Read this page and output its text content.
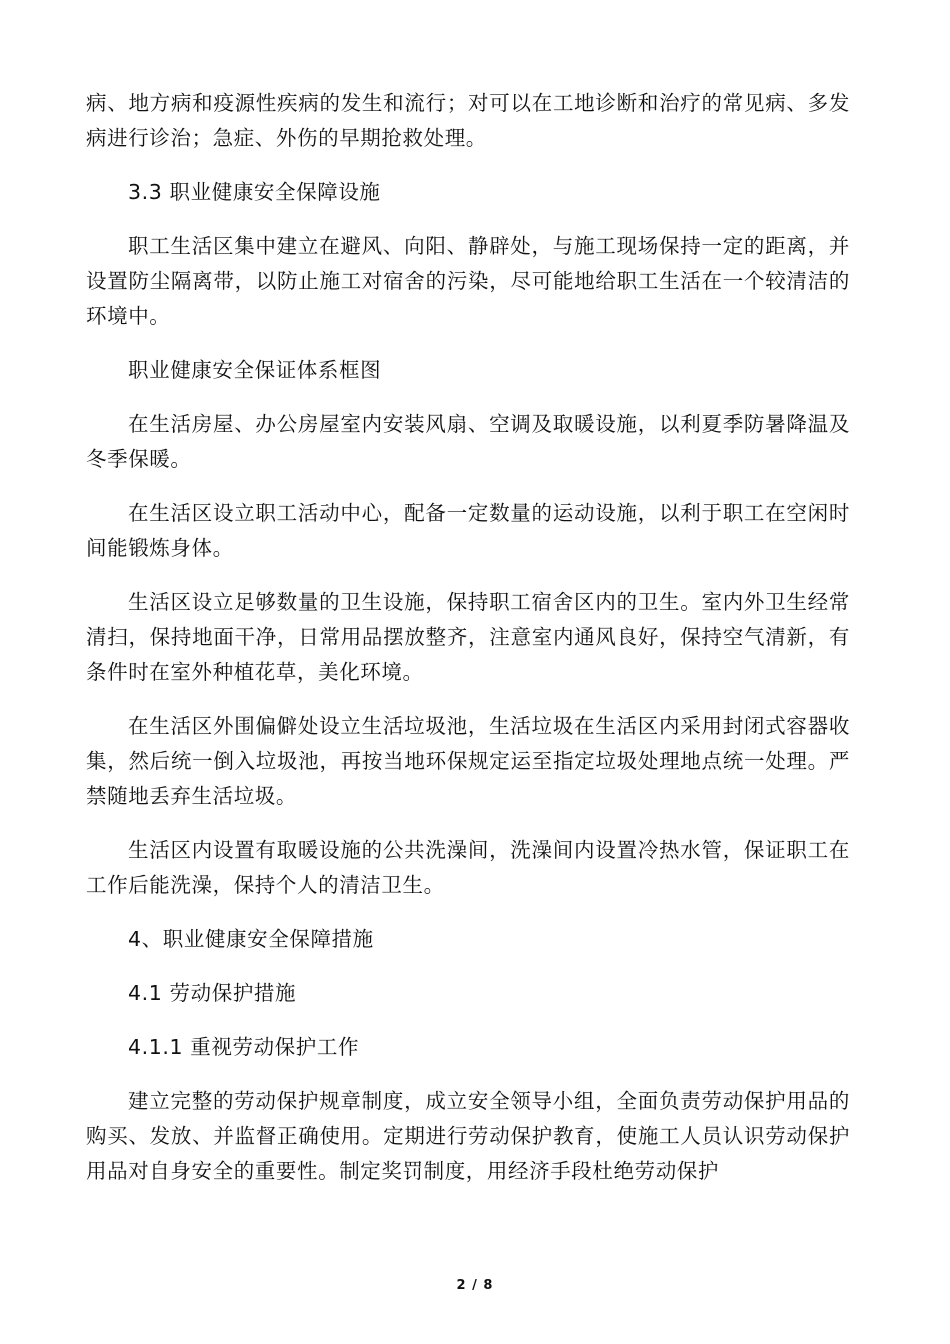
病、地方病和疫源性疾病的发生和流行；对可以在工地诊断和治疗的常见病、多发病进行诊治；急症、外伤的早期抢救处理。

3.3 职业健康安全保障设施

职工生活区集中建立在避风、向阳、静辟处，与施工现场保持一定的距离，并设置防尘隔离带，以防止施工对宿舍的污染，尽可能地给职工生活在一个较清洁的环境中。

职业健康安全保证体系框图

在生活房屋、办公房屋室内安装风扇、空调及取暖设施，以利夏季防暑降温及冬季保暖。

在生活区设立职工活动中心，配备一定数量的运动设施，以利于职工在空闲时间能锻炼身体。

生活区设立足够数量的卫生设施，保持职工宿舍区内的卫生。室内外卫生经常清扫，保持地面干净，日常用品摆放整齐，注意室内通风良好，保持空气清新，有条件时在室外种植花草，美化环境。

在生活区外围偏僻处设立生活垃圾池，生活垃圾在生活区内采用封闭式容器收集，然后统一倒入垃圾池，再按当地环保规定运至指定垃圾处理地点统一处理。严禁随地丢弃生活垃圾。

生活区内设置有取暖设施的公共洗澡间，洗澡间内设置冷热水管，保证职工在工作后能洗澡，保持个人的清洁卫生。

4、职业健康安全保障措施

4.1 劳动保护措施

4.1.1 重视劳动保护工作

建立完整的劳动保护规章制度，成立安全领导小组，全面负责劳动保护用品的购买、发放、并监督正确使用。定期进行劳动保护教育，使施工人员认识劳动保护用品对自身安全的重要性。制定奖罚制度，用经济手段杜绝劳动保护

2 / 8
